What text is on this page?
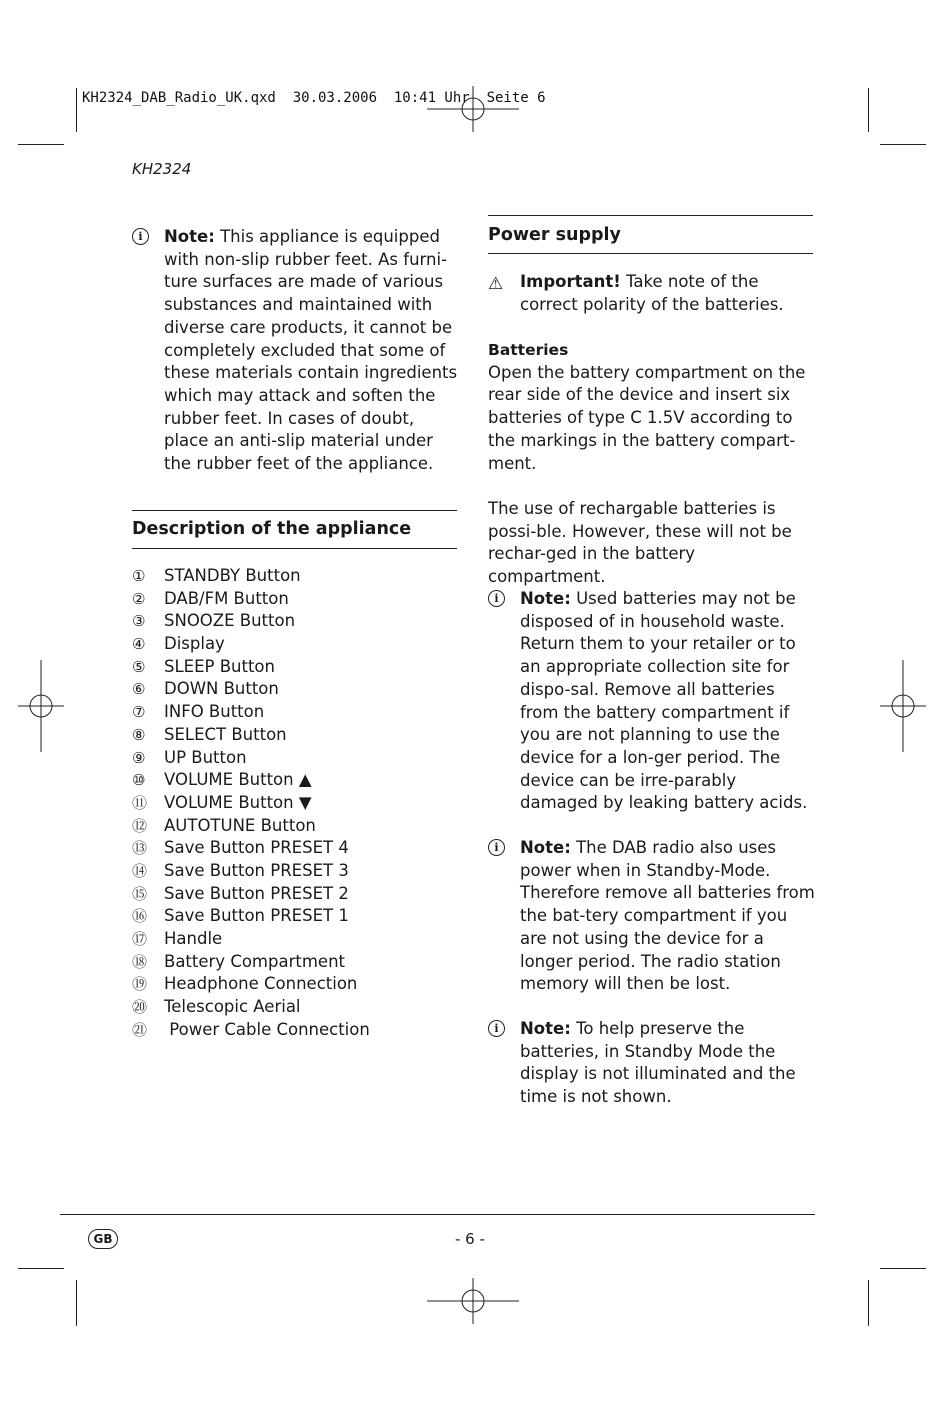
KH2324_DAB_Radio_UK.qxd  30.03.2006  10:41 Uhr  Seite 6
KH2324
i	Note: This appliance is equipped with non-slip rubber feet. As furni-ture surfaces are made of various substances and maintained with diverse care products, it cannot be completely excluded that some of these materials contain ingredients which may attack and soften the rubber feet. In cases of doubt, place an anti-slip material under the rubber feet of the appliance.
Description of the appliance
①	STANDBY Button
②	DAB/FM Button
③	SNOOZE Button
④	Display
⑤	SLEEP Button
⑥	DOWN Button
⑦	INFO Button
⑧	SELECT Button
⑨	UP Button
⑩	VOLUME Button ▲
⑪	VOLUME Button ▼
⑫	AUTOTUNE Button
⑬	Save Button PRESET 4
⑭	Save Button PRESET 3
⑮	Save Button PRESET 2
⑯	Save Button PRESET 1
⑰	Handle
⑱	Battery Compartment
⑲	Headphone Connection
⑳	Telescopic Aerial
㉑	Power Cable Connection
Power supply
⚠ Important! Take note of the correct polarity of the batteries.
Batteries
Open the battery compartment on the rear side of the device and insert six batteries of type C 1.5V according to the markings in the battery compart-ment.
The use of rechargable batteries is possi-ble. However, these will not be rechar-ged in the battery compartment.
i	Note: Used batteries may not be disposed of in household waste. Return them to your retailer or to an appropriate collection site for dispo-sal. Remove all batteries from the battery compartment if you are not planning to use the device for a lon-ger period. The device can be irre-parably damaged by leaking battery acids.
i	Note: The DAB radio also uses power when in Standby-Mode. Therefore remove all batteries from the bat-tery compartment if you are not using the device for a longer period. The radio station memory will then be lost.
i	Note: To help preserve the batteries, in Standby Mode the display is not illuminated and the time is not shown.
GB	- 6 -
